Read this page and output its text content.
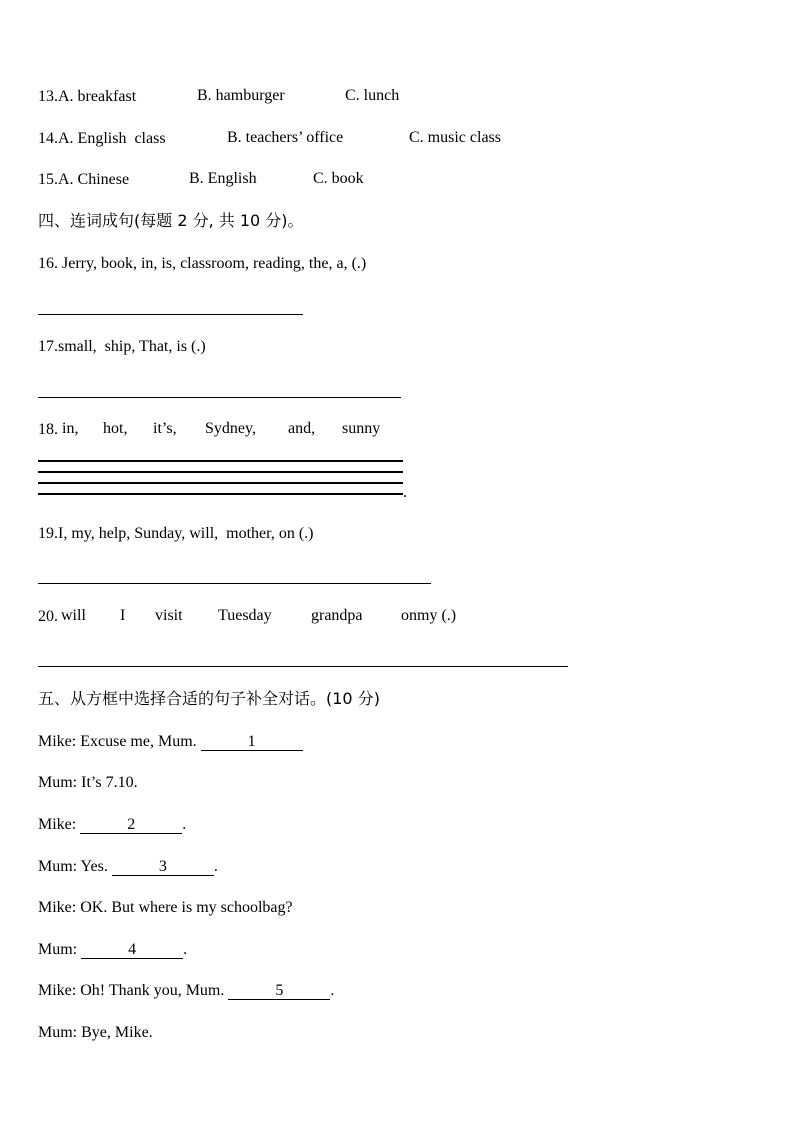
13.A. breakfast	B. hamburger	C. lunch
14.A. English  class	B. teachers’ office	C. music class
15.A. Chinese	B. English	C. book
四、连词成句(每题 2 分, 共 10 分)。
16. Jerry, book, in, is, classroom, reading, the, a, (.)
17.small,  ship, That, is (.)
18. in, hot, it’s, Sydney, and, sunny
.
19.I, my, help, Sunday, will,  mother, on (.)
20. will I visit Tuesday grandpa onmy (.)
五、从方框中选择合适的句子补全对话。(10 分)
Mike: Excuse me, Mum.	1
Mum: It’s 7.10.
Mike:	2	.
Mum: Yes.	3	.
Mike: OK. But where is my schoolbag?
Mum:	4	.
Mike: Oh! Thank you, Mum.	5	.
Mum: Bye, Mike.
